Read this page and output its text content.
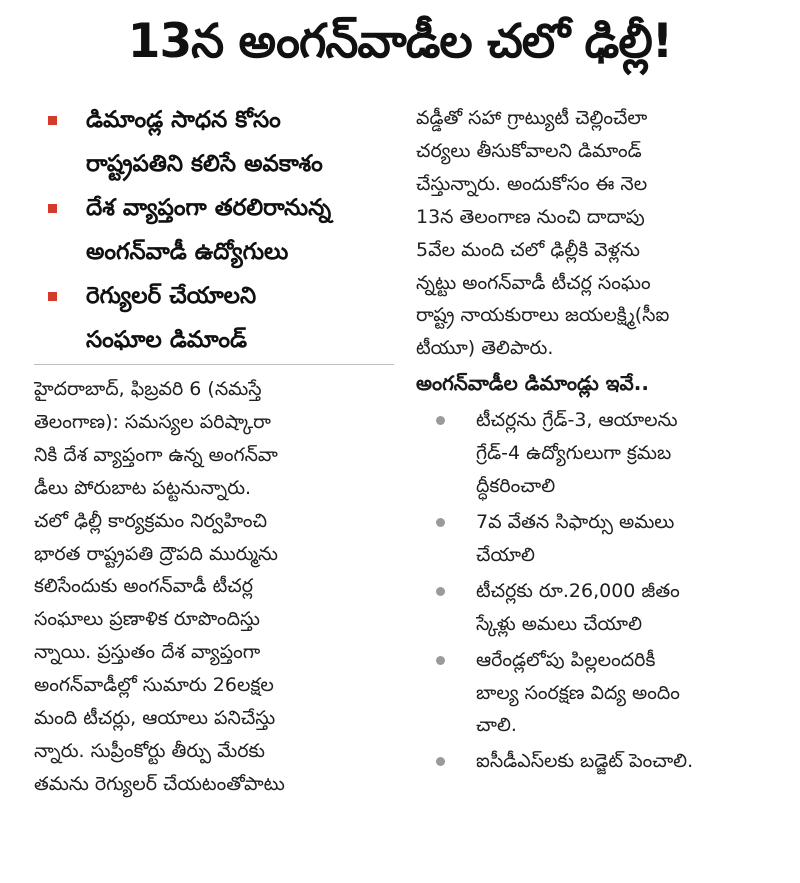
13న అంగన్‌వాడీల చలో ఢిల్లీ!
డిమాండ్ల సాధన కోసం
రాష్ట్రపతిని కలిసే అవకాశం
దేశ వ్యాప్తంగా తరలిరానున్న
అంగన్‌వాడీ ఉద్యోగులు
రెగ్యులర్ చేయాలని
సంఘాల డిమాండ్
హైదరాబాద్, ఫిబ్రవరి 6 (నమస్తే
తెలంగాణ): సమస్యల పరిష్కారా
నికి దేశ వ్యాప్తంగా ఉన్న అంగన్‌వా
డీలు పోరుబాట పట్టనున్నారు.
చలో ఢిల్లీ కార్యక్రమం నిర్వహించి
భారత రాష్ట్రపతి ద్రౌపది ముర్మును
కలిసేందుకు అంగన్‌వాడీ టీచర్ల
సంఘాలు ప్రణాళిక రూపొందిస్తు
న్నాయి. ప్రస్తుతం దేశ వ్యాప్తంగా
అంగన్‌వాడీల్లో సుమారు 26లక్షల
మంది టీచర్లు, ఆయాలు పనిచేస్తు
న్నారు. సుప్రీంకోర్టు తీర్పు మేరకు
తమను రెగ్యులర్ చేయటంతోపాటు
వడ్డీతో సహా గ్రాట్యుటీ చెల్లించేలా
చర్యలు తీసుకోవాలని డిమాండ్
చేస్తున్నారు. అందుకోసం ఈ నెల
13న తెలంగాణ నుంచి దాదాపు
5వేల మంది చలో ఢిల్లీకి వెళ్లను
న్నట్టు అంగన్‌వాడీ టీచర్ల సంఘం
రాష్ట్ర నాయకురాలు జయలక్ష్మి(సీఐ
టీయూ) తెలిపారు.
అంగన్‌వాడీల డిమాండ్లు ఇవే..
టీచర్లను గ్రేడ్-3, ఆయాలను
గ్రేడ్-4 ఉద్యోగులుగా క్రమబ
ద్ధీకరించాలి
7వ వేతన సిఫార్సు అమలు
చేయాలి
టీచర్లకు రూ.26,000 జీతం
స్కేళ్లు అమలు చేయాలి
ఆరేండ్లలోపు పిల్లలందరికీ
బాల్య సంరక్షణ విద్య అందిం
చాలి.
ఐసీడీఎస్‌లకు బడ్జెట్ పెంచాలి.
